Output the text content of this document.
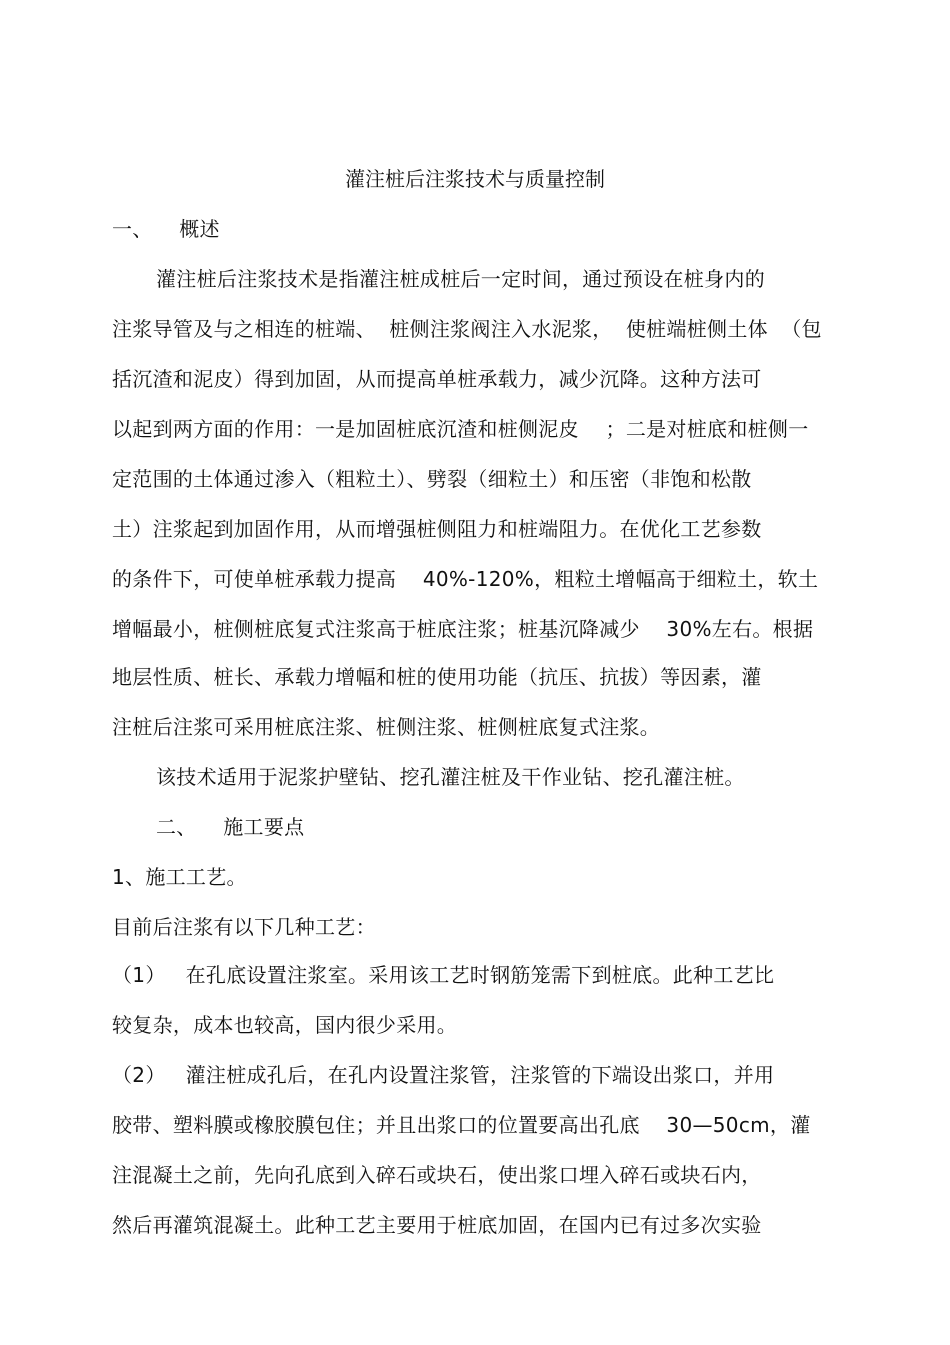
灌注桩后注浆技术与质量控制
一、    概述
灌注桩后注浆技术是指灌注桩成桩后一定时间，通过预设在桩身内的
注浆导管及与之相连的桩端、  桩侧注浆阀注入水泥浆，  使桩端桩侧土体  （包
括沉渣和泥皮）得到加固，从而提高单桩承载力，减少沉降。这种方法可
以起到两方面的作用：一是加固桩底沉渣和桩侧泥皮    ；二是对桩底和桩侧一
定范围的土体通过渗入（粗粒土）、劈裂（细粒土）和压密（非饱和松散
土）注浆起到加固作用，从而增强桩侧阻力和桩端阻力。在优化工艺参数
的条件下，可使单桩承载力提高    40%-120%，粗粒土增幅高于细粒土，软土
增幅最小，桩侧桩底复式注浆高于桩底注浆；桩基沉降减少    30%左右。根据
地层性质、桩长、承载力增幅和桩的使用功能（抗压、抗拔）等因素，灌
注桩后注浆可采用桩底注浆、桩侧注浆、桩侧桩底复式注浆。
该技术适用于泥浆护壁钻、挖孔灌注桩及干作业钻、挖孔灌注桩。
二、    施工要点
1、施工工艺。
目前后注浆有以下几种工艺：
（1）   在孔底设置注浆室。采用该工艺时钢筋笼需下到桩底。此种工艺比
较复杂，成本也较高，国内很少采用。
（2）   灌注桩成孔后，在孔内设置注浆管，注浆管的下端设出浆口，并用
胶带、塑料膜或橡胶膜包住；并且出浆口的位置要高出孔底    30—50cm，灌
注混凝土之前，先向孔底到入碎石或块石，使出浆口埋入碎石或块石内，
然后再灌筑混凝土。此种工艺主要用于桩底加固，在国内已有过多次实验
